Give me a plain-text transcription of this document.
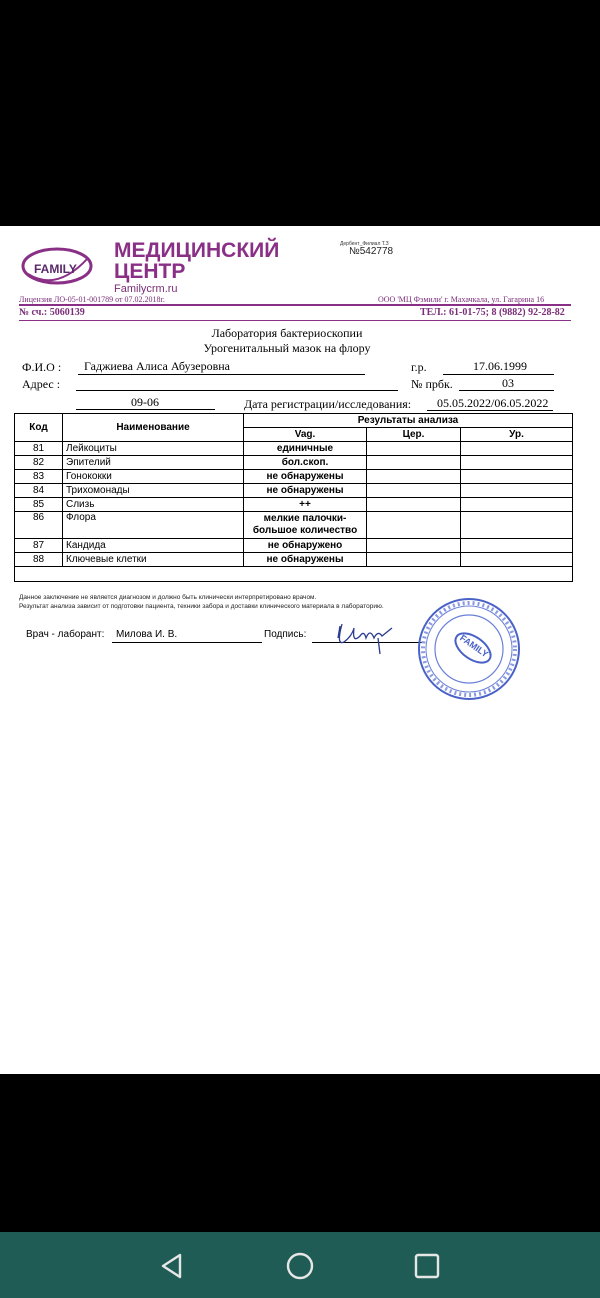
FAMILY
МЕДИЦИНСКИЙ
ЦЕНТР
Familycrm.ru
Дербент_Филиал Т.З
№542778
Лицензия ЛО-05-01-001789 от 07.02.2018г.	ООО 'МЦ Фэмили' г. Махачкала, ул. Гагарина 16
№ сч.: 5060139	ТЕЛ.: 61-01-75; 8 (9882) 92-28-82
Лаборатория бактериоскопии
Урогенитальный мазок на флору
Ф.И.О : Гаджиева Алиса Абузеровна	г.р.	17.06.1999
Адрес :	№ прбк.	03
09-06	Дата регистрации/исследования: 05.05.2022/06.05.2022
Код	Наименование	Результаты анализа		
		Vag.	Цер.	Ур.
81	Лейкоциты	единичные		
82	Эпителий	бол.скоп.		
83	Гонококки	не обнаружены		
84	Трихомонады	не обнаружены		
85	Слизь	++		
86	Флора	мелкие палочки-
большое количество		

87	Кандида	не обнаружено		
88	Ключевые клетки	не обнаружены		

Данное заключение не является диагнозом и должно быть клинически интерпретировано врачом.
Результат анализа зависит от подготовки пациента, техники забора и доставки клинического материала в лабораторию.
Врач - лаборант: Милова И. В.	Подпись:	FAMILY
